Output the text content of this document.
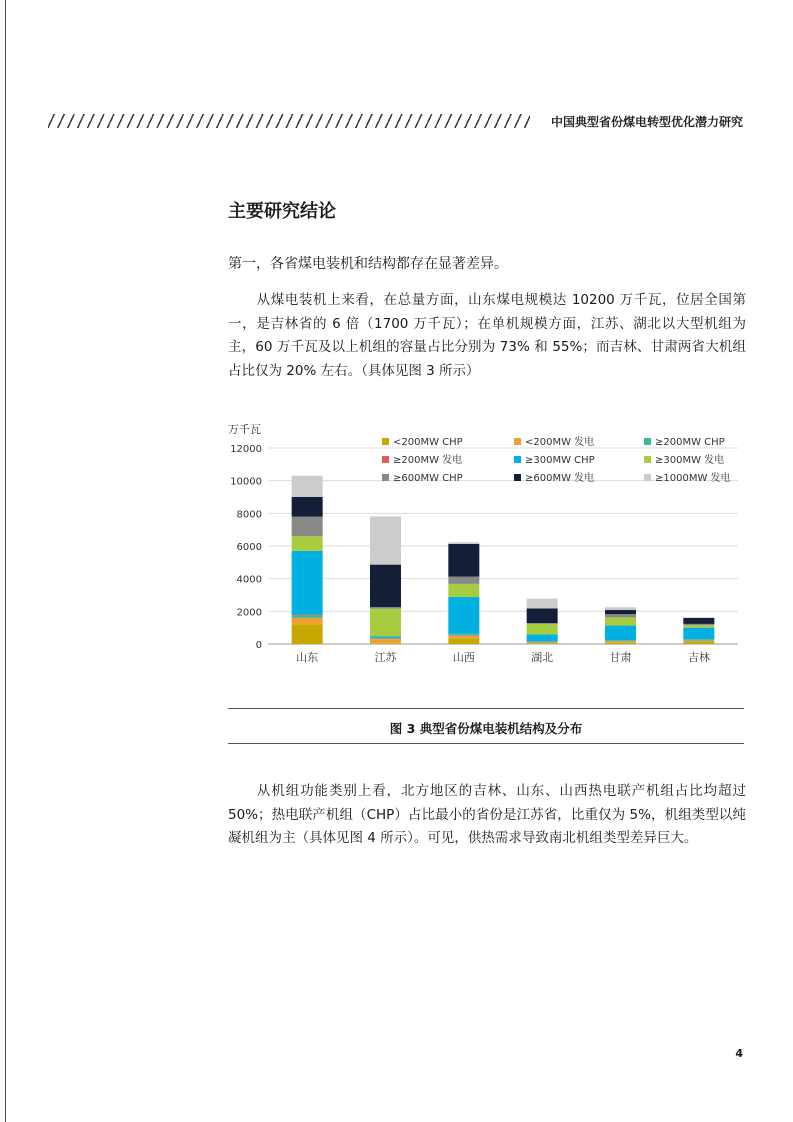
中国典型省份煤电转型优化潜力研究
主要研究结论
第一，各省煤电装机和结构都存在显著差异。
从煤电装机上来看，在总量方面，山东煤电规模达 10200 万千瓦，位居全国第一，是吉林省的 6 倍（1700 万千瓦）；在单机规模方面，江苏、湖北以大型机组为主，60 万千瓦及以上机组的容量占比分别为 73% 和 55%；而吉林、甘肃两省大机组占比仅为 20% 左右。（具体见图 3 所示）
万千瓦
0
2000
4000
6000
8000
10000
12000
山东	江苏	山西	湖北	甘肃	吉林
<200MW CHP	<200MW 发电	≥200MW CHP
≥200MW 发电	≥300MW CHP	≥300MW 发电
≥600MW CHP	≥600MW 发电	≥1000MW 发电
图 3 典型省份煤电装机结构及分布
从机组功能类别上看，北方地区的吉林、山东、山西热电联产机组占比均超过 50%；热电联产机组（CHP）占比最小的省份是江苏省，比重仅为 5%，机组类型以纯凝机组为主（具体见图 4 所示）。可见，供热需求导致南北机组类型差异巨大。
4
